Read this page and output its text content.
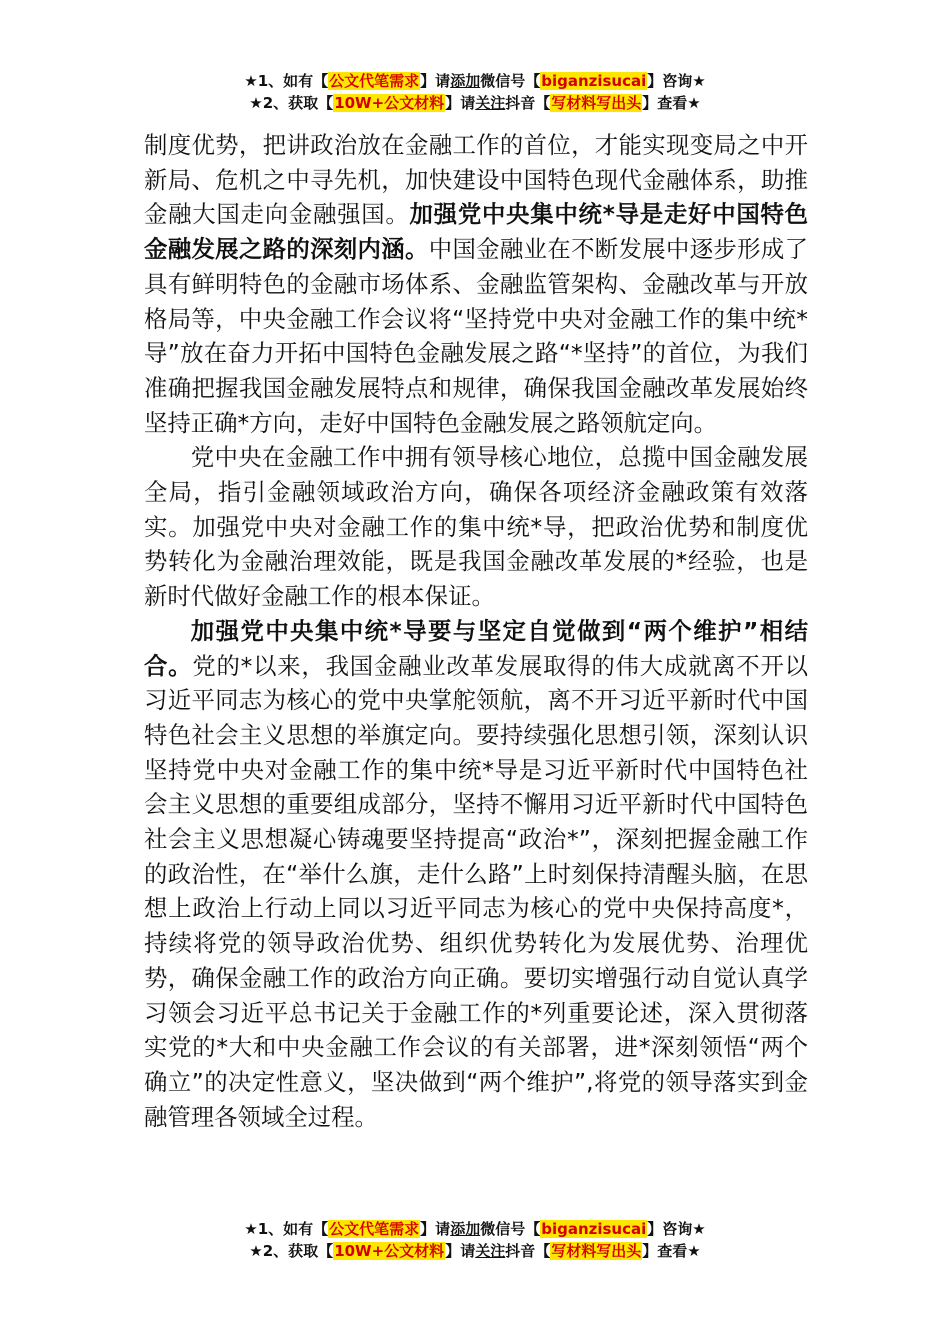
★1、如有【公文代笔需求】请添加微信号【biganzisucai】咨询★
★2、获取【10W+公文材料】请关注抖音【写材料写出头】查看★

制度优势，把讲政治放在金融工作的首位，才能实现变局之中开新局、危机之中寻先机，加快建设中国特色现代金融体系，助推金融大国走向金融强国。加强党中央集中统*导是走好中国特色金融发展之路的深刻内涵。中国金融业在不断发展中逐步形成了具有鲜明特色的金融市场体系、金融监管架构、金融改革与开放格局等，中央金融工作会议将“坚持党中央对金融工作的集中统*导”放在奋力开拓中国特色金融发展之路“*坚持”的首位，为我们准确把握我国金融发展特点和规律，确保我国金融改革发展始终坚持正确*方向，走好中国特色金融发展之路领航定向。

党中央在金融工作中拥有领导核心地位，总揽中国金融发展全局，指引金融领域政治方向，确保各项经济金融政策有效落实。加强党中央对金融工作的集中统*导，把政治优势和制度优势转化为金融治理效能，既是我国金融改革发展的*经验，也是新时代做好金融工作的根本保证。

加强党中央集中统*导要与坚定自觉做到“两个维护”相结合。党的*以来，我国金融业改革发展取得的伟大成就离不开以习近平同志为核心的党中央掌舵领航，离不开习近平新时代中国特色社会主义思想的举旗定向。要持续强化思想引领，深刻认识坚持党中央对金融工作的集中统*导是习近平新时代中国特色社会主义思想的重要组成部分，坚持不懈用习近平新时代中国特色社会主义思想凝心铸魂要坚持提高“政治*”，深刻把握金融工作的政治性，在“举什么旗，走什么路”上时刻保持清醒头脑，在思想上政治上行动上同以习近平同志为核心的党中央保持高度*，持续将党的领导政治优势、组织优势转化为发展优势、治理优势，确保金融工作的政治方向正确。要切实增强行动自觉认真学习领会习近平总书记关于金融工作的*列重要论述，深入贯彻落实党的*大和中央金融工作会议的有关部署，进*深刻领悟“两个确立”的决定性意义，坚决做到“两个维护”,将党的领导落实到金融管理各领域全过程。

★1、如有【公文代笔需求】请添加微信号【biganzisucai】咨询★
★2、获取【10W+公文材料】请关注抖音【写材料写出头】查看★
